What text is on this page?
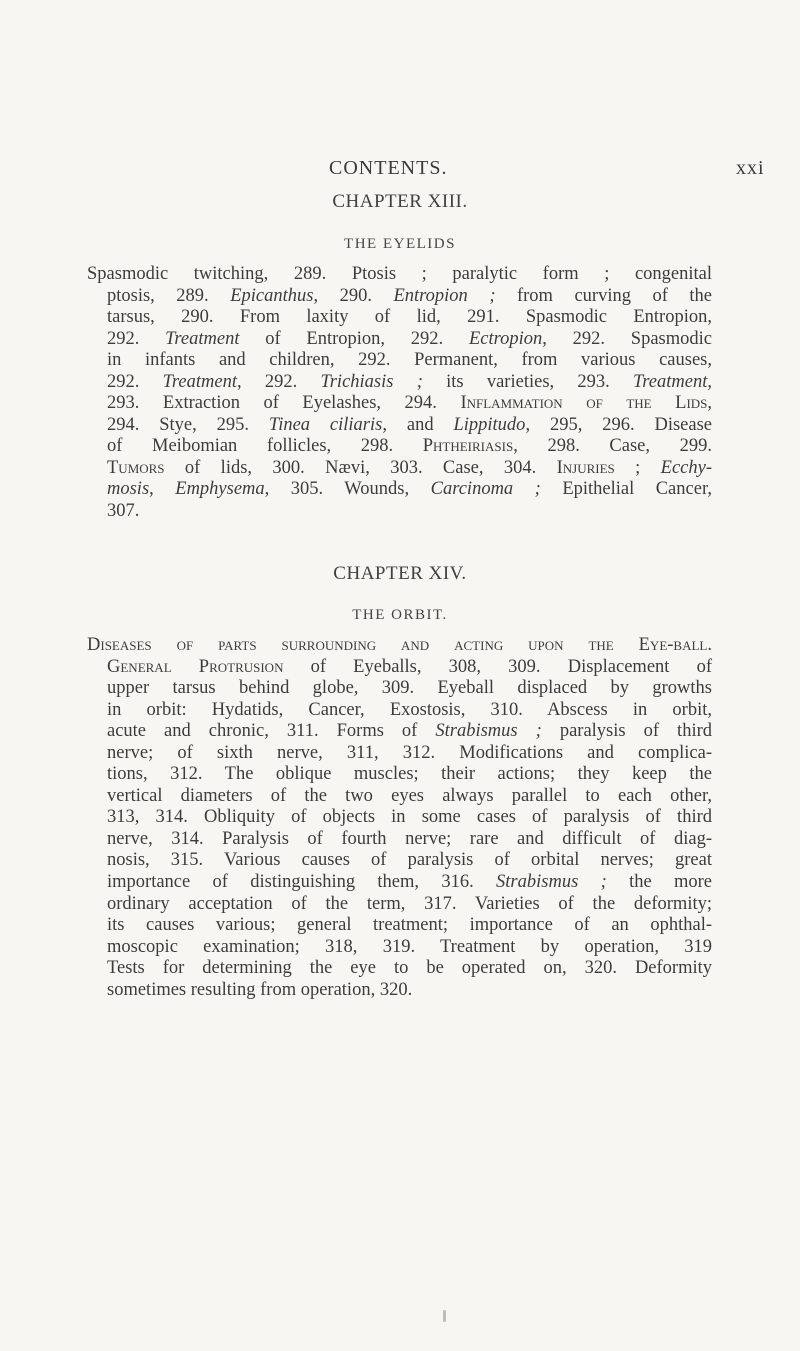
CONTENTS.	xxi
CHAPTER XIII.
THE EYELIDS
Spasmodic twitching, 289. Ptosis ; paralytic form ; congenital
ptosis, 289. Epicanthus, 290. Entropion ; from curving of the
tarsus, 290. From laxity of lid, 291. Spasmodic Entropion,
292. Treatment of Entropion, 292. Ectropion, 292. Spasmodic
in infants and children, 292. Permanent, from various causes,
292. Treatment, 292. Trichiasis ; its varieties, 293. Treatment,
293. Extraction of Eyelashes, 294. Inflammation of the Lids,
294. Stye, 295. Tinea ciliaris, and Lippitudo, 295, 296. Disease
of Meibomian follicles, 298. Phtheiriasis, 298. Case, 299.
Tumors of lids, 300. Nævi, 303. Case, 304. Injuries ; Ecchy-
mosis, Emphysema, 305. Wounds, Carcinoma ; Epithelial Cancer,
307.
CHAPTER XIV.
THE ORBIT.
Diseases of parts surrounding and acting upon the Eye-ball.
General Protrusion of Eyeballs, 308, 309. Displacement of
upper tarsus behind globe, 309. Eyeball displaced by growths
in orbit: Hydatids, Cancer, Exostosis, 310. Abscess in orbit,
acute and chronic, 311. Forms of Strabismus ; paralysis of third
nerve; of sixth nerve, 311, 312. Modifications and complica-
tions, 312. The oblique muscles; their actions; they keep the
vertical diameters of the two eyes always parallel to each other,
313, 314. Obliquity of objects in some cases of paralysis of third
nerve, 314. Paralysis of fourth nerve; rare and difficult of diag-
nosis, 315. Various causes of paralysis of orbital nerves; great
importance of distinguishing them, 316. Strabismus ; the more
ordinary acceptation of the term, 317. Varieties of the deformity;
its causes various; general treatment; importance of an ophthal-
moscopic examination; 318, 319. Treatment by operation, 319
Tests for determining the eye to be operated on, 320. Deformity
sometimes resulting from operation, 320.
